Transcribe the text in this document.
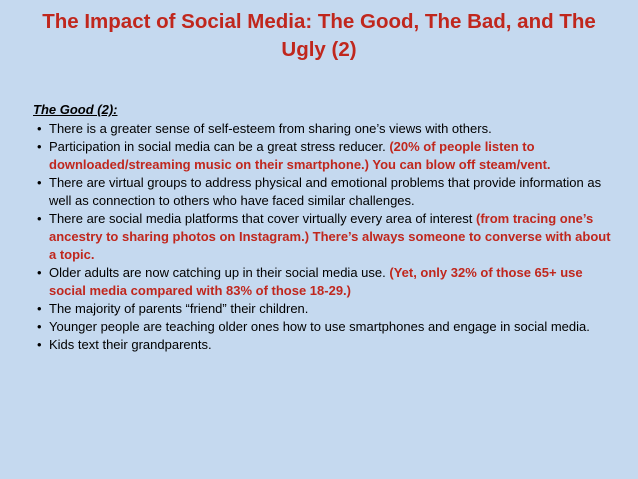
The Impact of Social Media: The Good, The Bad, and The Ugly (2)
The Good (2):
• There is a greater sense of self-esteem from sharing one’s views with others.
• Participation in social media can be a great stress reducer. (20% of people listen to downloaded/streaming music on their smartphone.) You can blow off steam/vent.
• There are virtual groups to address physical and emotional problems that provide information as well as connection to others who have faced similar challenges.
• There are social media platforms that cover virtually every area of interest (from tracing one’s ancestry to sharing photos on Instagram.) There’s always someone to converse with about a topic.
• Older adults are now catching up in their social media use. (Yet, only 32% of those 65+ use social media compared with 83% of those 18-29.)
• The majority of parents “friend” their children.
• Younger people are teaching older ones how to use smartphones and engage in social media.
• Kids text their grandparents.
